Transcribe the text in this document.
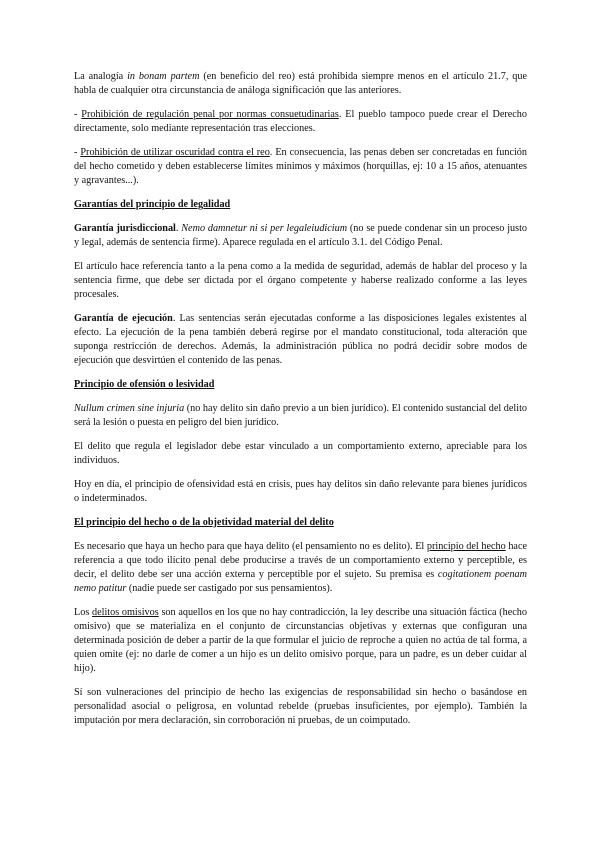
La analogía in bonam partem (en beneficio del reo) está prohibida siempre menos en el artículo 21.7, que habla de cualquier otra circunstancia de análoga significación que las anteriores.

- Prohibición de regulación penal por normas consuetudinarias. El pueblo tampoco puede crear el Derecho directamente, solo mediante representación tras elecciones.

- Prohibición de utilizar oscuridad contra el reo. En consecuencia, las penas deben ser concretadas en función del hecho cometido y deben establecerse límites mínimos y máximos (horquillas, ej: 10 a 15 años, atenuantes y agravantes...).

Garantías del principio de legalidad

Garantía jurisdiccional. Nemo damnetur ni si per legaleiudicium (no se puede condenar sin un proceso justo y legal, además de sentencia firme). Aparece regulada en el artículo 3.1. del Código Penal.

El artículo hace referencia tanto a la pena como a la medida de seguridad, además de hablar del proceso y la sentencia firme, que debe ser dictada por el órgano competente y haberse realizado conforme a las leyes procesales.

Garantía de ejecución. Las sentencias serán ejecutadas conforme a las disposiciones legales existentes al efecto. La ejecución de la pena también deberá regirse por el mandato constitucional, toda alteración que suponga restricción de derechos. Además, la administración pública no podrá decidir sobre modos de ejecución que desvirtúen el contenido de las penas.

Principio de ofensión o lesividad

Nullum crimen sine injuria (no hay delito sin daño previo a un bien jurídico). El contenido sustancial del delito será la lesión o puesta en peligro del bien jurídico.

El delito que regula el legislador debe estar vinculado a un comportamiento externo, apreciable para los individuos.

Hoy en día, el principio de ofensividad está en crisis, pues hay delitos sin daño relevante para bienes jurídicos o indeterminados.

El principio del hecho o de la objetividad material del delito

Es necesario que haya un hecho para que haya delito (el pensamiento no es delito). El principio del hecho hace referencia a que todo ilícito penal debe producirse a través de un comportamiento externo y perceptible, es decir, el delito debe ser una acción externa y perceptible por el sujeto. Su premisa es cogitationem poenam nemo patitur (nadie puede ser castigado por sus pensamientos).

Los delitos omisivos son aquellos en los que no hay contradicción, la ley describe una situación fáctica (hecho omisivo) que se materializa en el conjunto de circunstancias objetivas y externas que configuran una determinada posición de deber a partir de la que formular el juicio de reproche a quien no actúa de tal forma, a quien omite (ej: no darle de comer a un hijo es un delito omisivo porque, para un padre, es un deber cuidar al hijo).

Sí son vulneraciones del principio de hecho las exigencias de responsabilidad sin hecho o basándose en personalidad asocial o peligrosa, en voluntad rebelde (pruebas insuficientes, por ejemplo). También la imputación por mera declaración, sin corroboración ni pruebas, de un coimputado.
